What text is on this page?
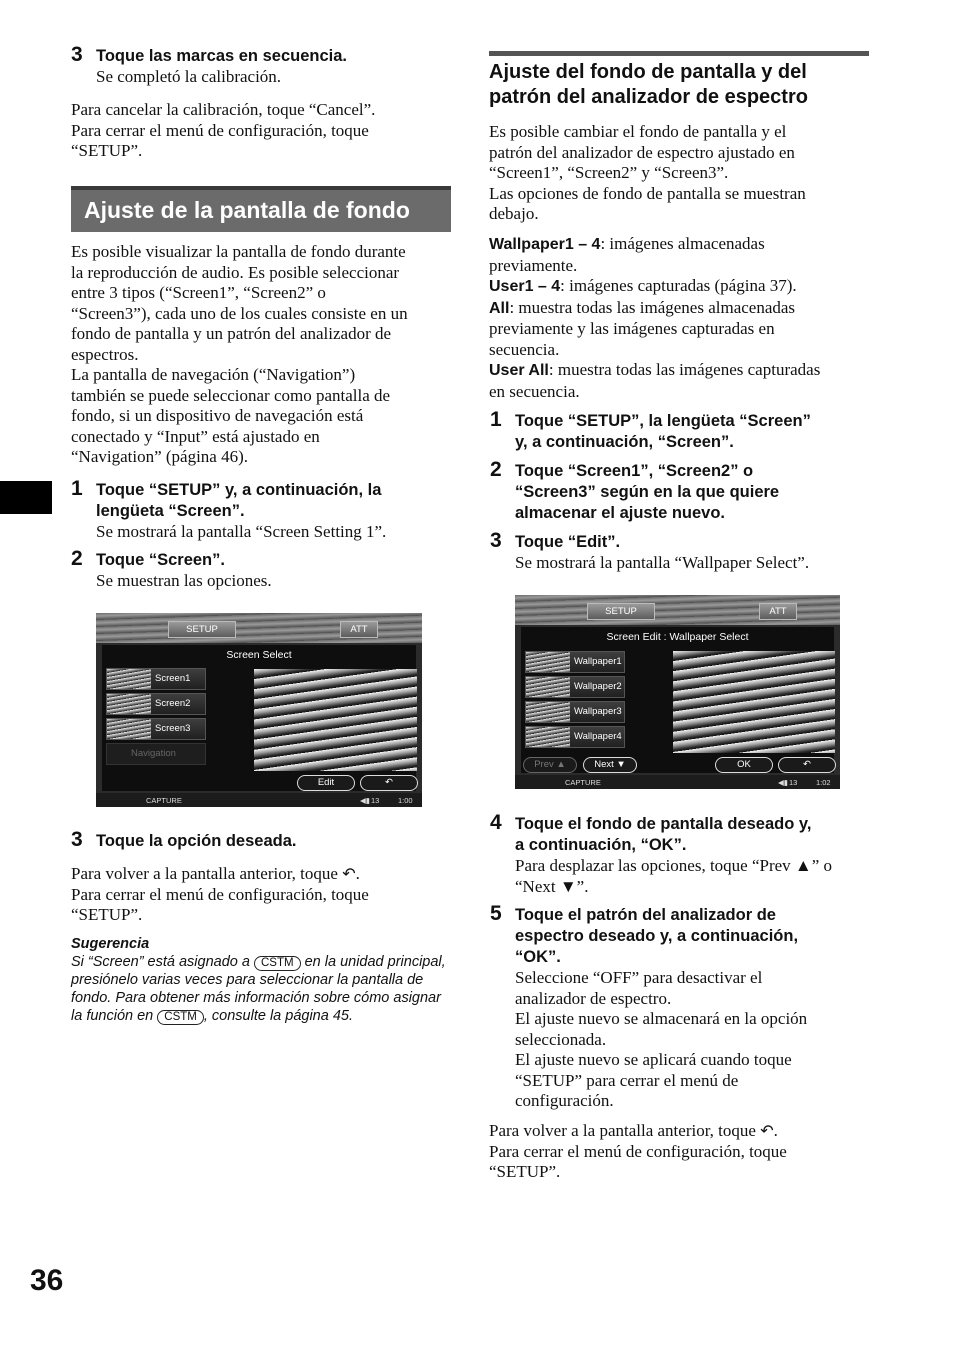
3 Toque las marcas en secuencia.
Se completó la calibración.

Para cancelar la calibración, toque “Cancel”.

Para cerrar el menú de configuración, toque

“SETUP”.

Ajuste de la pantalla de fondo

Es posible visualizar la pantalla de fondo durante

la reproducción de audio. Es posible seleccionar

entre 3 tipos (“Screen1”, “Screen2” o

“Screen3”), cada uno de los cuales consiste en un

fondo de pantalla y un patrón del analizador de

espectros.

La pantalla de navegación (“Navigation”)

también se puede seleccionar como pantalla de

fondo, si un dispositivo de navegación está

conectado y “Input” está ajustado en

“Navigation” (página 46).

1 Toque “SETUP” y, a continuación, la
lengüeta “Screen”.
Se mostrará la pantalla “Screen Setting 1”.
2 Toque “Screen”.
Se muestran las opciones.
SETUP	ATT
Screen Select
Screen1
Screen2
Screen3
Navigation
Edit	↶
CAPTURE	◀▮ 13 1:00
3 Toque la opción deseada.

Para volver a la pantalla anterior, toque ↶.

Para cerrar el menú de configuración, toque

“SETUP”.

Sugerencia
Si “Screen” está asignado a CSTM en la unidad principal, presiónelo varias veces para seleccionar la pantalla de fondo. Para obtener más información sobre cómo asignar la función en CSTM , consulte la página 45.
Ajuste del fondo de pantalla y del
patrón del analizador de espectro

Es posible cambiar el fondo de pantalla y el

patrón del analizador de espectro ajustado en

“Screen1”, “Screen2” y “Screen3”.

Las opciones de fondo de pantalla se muestran

debajo.

Wallpaper1 – 4: imágenes almacenadas

previamente.

User1 – 4: imágenes capturadas (página 37).

All: muestra todas las imágenes almacenadas

previamente y las imágenes capturadas en

secuencia.

User All: muestra todas las imágenes capturadas

en secuencia.

1 Toque “SETUP”, la lengüeta “Screen”
y, a continuación, “Screen”.
2 Toque “Screen1”, “Screen2” o
“Screen3” según en la que quiere
almacenar el ajuste nuevo.
3 Toque “Edit”.
Se mostrará la pantalla “Wallpaper Select”.
SETUP	ATT
Screen Edit : Wallpaper Select
Wallpaper1
Wallpaper2
Wallpaper3
Wallpaper4
Prev ▲	Next ▼	OK	↶
CAPTURE	◀▮ 13 1:02
4 Toque el fondo de pantalla deseado y,
a continuación, “OK”.
Para desplazar las opciones, toque “Prev ▲” o
“Next ▼”.
5 Toque el patrón del analizador de
espectro deseado y, a continuación,
“OK”.
Seleccione “OFF” para desactivar el
analizador de espectro.
El ajuste nuevo se almacenará en la opción
seleccionada.
El ajuste nuevo se aplicará cuando toque
“SETUP” para cerrar el menú de
configuración.

Para volver a la pantalla anterior, toque ↶.

Para cerrar el menú de configuración, toque

“SETUP”.

36
